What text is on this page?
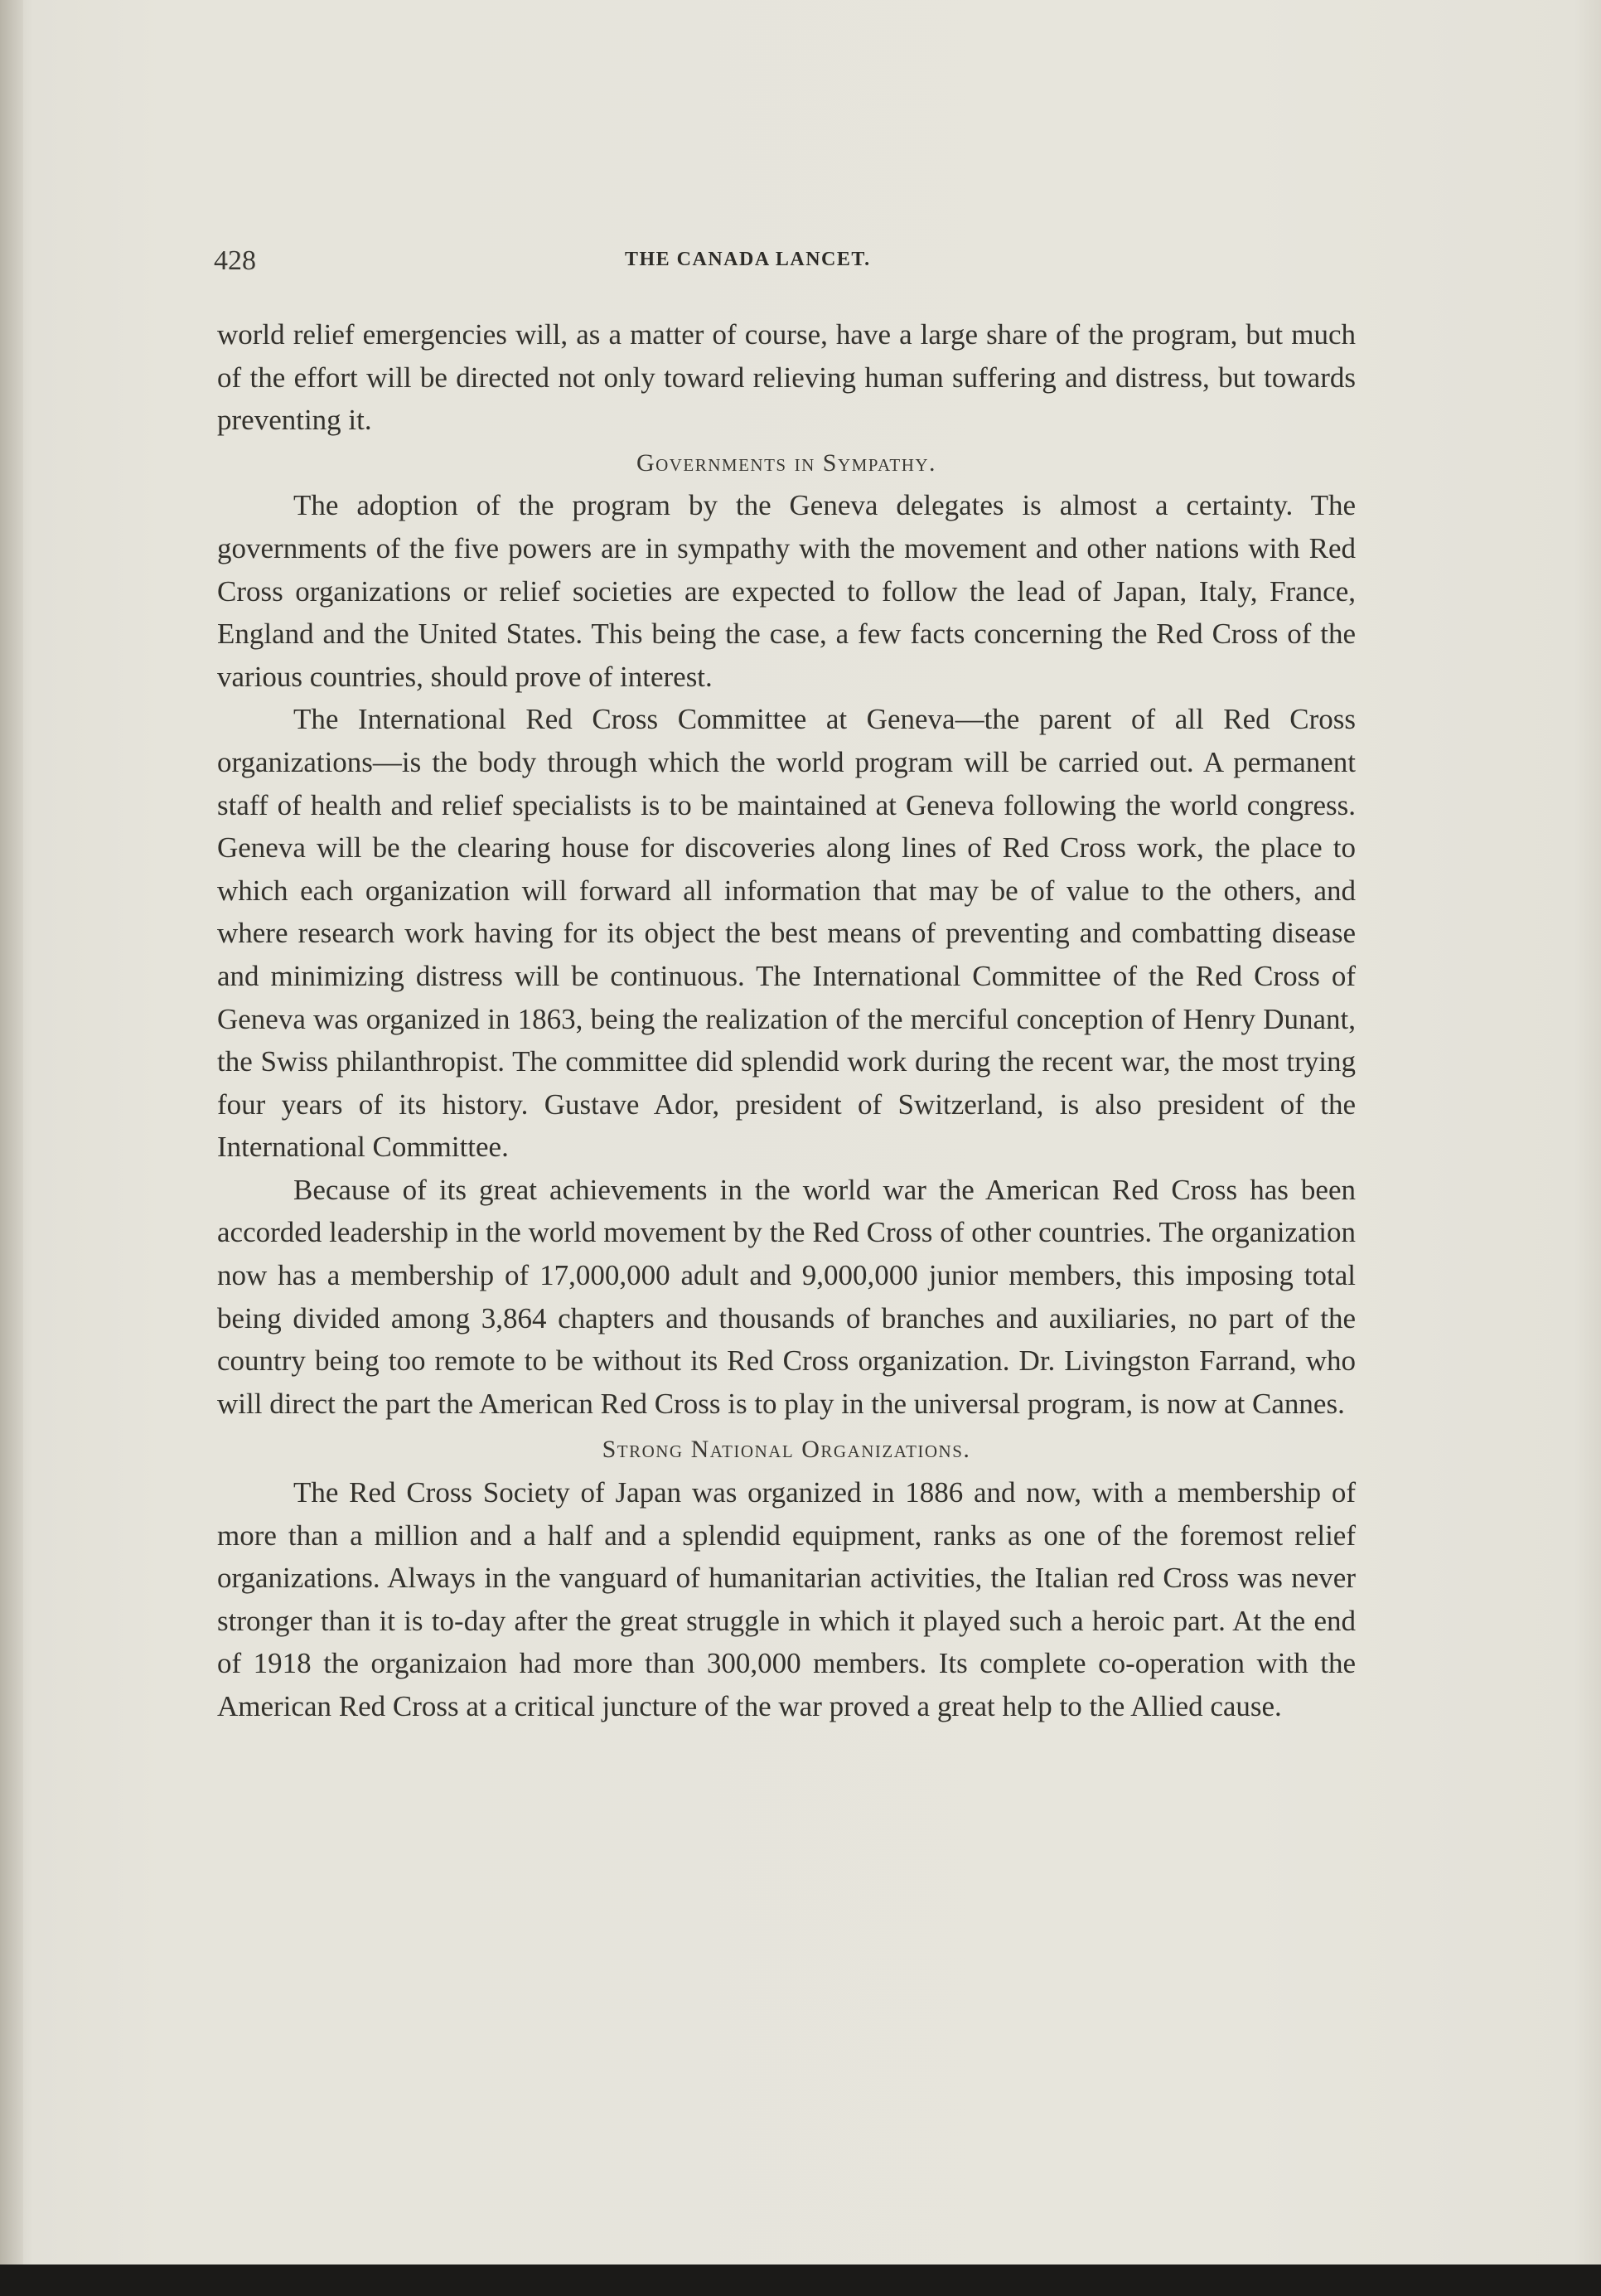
428	THE CANADA LANCET.

world relief emergencies will, as a matter of course, have a large share of the program, but much of the effort will be directed not only toward relieving human suffering and distress, but towards preventing it.

Governments in Sympathy.

The adoption of the program by the Geneva delegates is almost a certainty. The governments of the five powers are in sympathy with the movement and other nations with Red Cross organizations or relief societies are expected to follow the lead of Japan, Italy, France, England and the United States. This being the case, a few facts concerning the Red Cross of the various countries, should prove of interest.

The International Red Cross Committee at Geneva—the parent of all Red Cross organizations—is the body through which the world program will be carried out. A permanent staff of health and relief specialists is to be maintained at Geneva following the world congress. Geneva will be the clearing house for discoveries along lines of Red Cross work, the place to which each organization will forward all information that may be of value to the others, and where research work having for its object the best means of preventing and combatting disease and minimizing distress will be continuous. The International Committee of the Red Cross of Geneva was organized in 1863, being the realization of the merciful conception of Henry Dunant, the Swiss philanthropist. The committee did splendid work during the recent war, the most trying four years of its history. Gustave Ador, president of Switzerland, is also president of the International Committee.

Because of its great achievements in the world war the American Red Cross has been accorded leadership in the world movement by the Red Cross of other countries. The organization now has a membership of 17,000,000 adult and 9,000,000 junior members, this imposing total being divided among 3,864 chapters and thousands of branches and auxiliaries, no part of the country being too remote to be without its Red Cross organization. Dr. Livingston Farrand, who will direct the part the American Red Cross is to play in the universal program, is now at Cannes.

Strong National Organizations.

The Red Cross Society of Japan was organized in 1886 and now, with a membership of more than a million and a half and a splendid equipment, ranks as one of the foremost relief organizations. Always in the vanguard of humanitarian activities, the Italian red Cross was never stronger than it is to-day after the great struggle in which it played such a heroic part. At the end of 1918 the organizaion had more than 300,000 members. Its complete co-operation with the American Red Cross at a critical juncture of the war proved a great help to the Allied cause.
